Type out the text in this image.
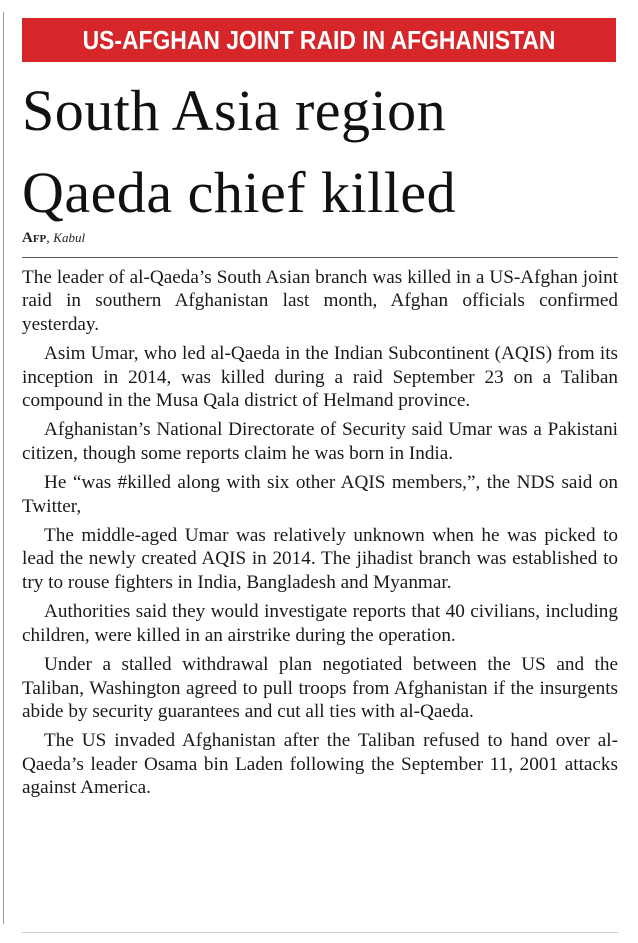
US-AFGHAN JOINT RAID IN AFGHANISTAN
South Asia region
Qaeda chief killed
Afp, Kabul

The leader of al-Qaeda’s South Asian branch was killed in a US-Afghan joint raid in southern Afghanistan last month, Afghan officials confirmed yesterday.

Asim Umar, who led al-Qaeda in the Indian Subcontinent (AQIS) from its inception in 2014, was killed during a raid September 23 on a Taliban compound in the Musa Qala district of Helmand province.

Afghanistan’s National Directorate of Security said Umar was a Pakistani citizen, though some reports claim he was born in India.

He “was #killed along with six other AQIS members,”, the NDS said on Twitter,

The middle-aged Umar was relatively unknown when he was picked to lead the newly created AQIS in 2014. The jihadist branch was established to try to rouse fighters in India, Bangladesh and Myanmar.

Authorities said they would investigate reports that 40 civilians, including children, were killed in an airstrike during the operation.

Under a stalled withdrawal plan negotiated between the US and the Taliban, Washington agreed to pull troops from Afghanistan if the insurgents abide by security guarantees and cut all ties with al-Qaeda.

The US invaded Afghanistan after the Taliban refused to hand over al-Qaeda’s leader Osama bin Laden following the September 11, 2001 attacks against America.
